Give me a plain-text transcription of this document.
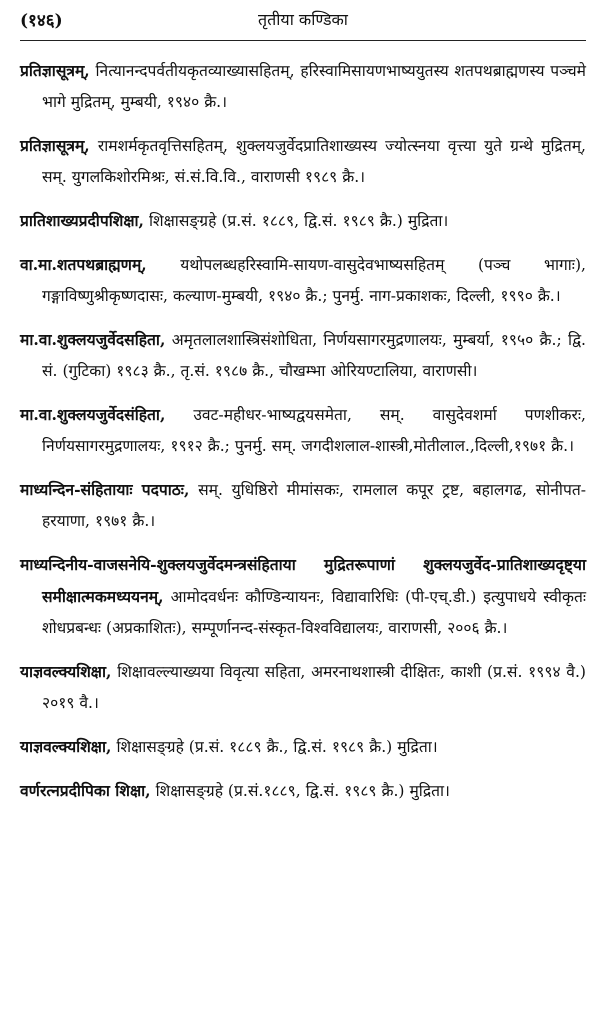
(१४६)	तृतीया कण्डिका

प्रतिज्ञासूत्रम्, नित्यानन्दपर्वतीयकृतव्याख्यासहितम्, हरिस्वामिसायणभाष्ययुतस्य शतपथब्राह्मणस्य पञ्चमे भागे मुद्रितम्, मुम्बयी, १९४० क्रै.।

प्रतिज्ञासूत्रम्, रामशर्मकृतवृत्तिसहितम्, शुक्लयजुर्वेदप्रातिशाख्यस्य ज्योत्स्नया वृत्त्या युते ग्रन्थे मुद्रितम्, सम्. युगलकिशोरमिश्रः, सं.सं.वि.वि., वाराणसी १९८९ क्रै.।

प्रातिशाख्यप्रदीपशिक्षा, शिक्षासङ्ग्रहे (प्र.सं. १८८९, द्वि.सं. १९८९ क्रै.) मुद्रिता।

वा.मा.शतपथब्राह्मणम्, यथोपलब्धहरिस्वामि-सायण-वासुदेवभाष्यसहितम् (पञ्च भागाः), गङ्गाविष्णुश्रीकृष्णदासः, कल्याण-मुम्बयी, १९४० क्रै.; पुनर्मु. नाग-प्रकाशकः, दिल्ली, १९९० क्रै.।

मा.वा.शुक्लयजुर्वेदसहिता, अमृतलालशास्त्रिसंशोधिता, निर्णयसागरमुद्रणालयः, मुम्बर्या, १९५० क्रै.; द्वि. सं. (गुटिका) १९८३ क्रै., तृ.सं. १९८७ क्रै., चौखम्भा ओरियण्टालिया, वाराणसी।

मा.वा.शुक्लयजुर्वेदसंहिता, उवट-महीधर-भाष्यद्वयसमेता, सम्. वासुदेवशर्मा पणशीकरः, निर्णयसागरमुद्रणालयः, १९१२ क्रै.; पुनर्मु. सम्. जगदीशलाल-शास्त्री,मोतीलाल.,दिल्ली,१९७१ क्रै.।

माध्यन्दिन-संहितायाः पदपाठः, सम्. युधिष्ठिरो मीमांसकः, रामलाल कपूर ट्रष्ट, बहालगढ, सोनीपत-हरयाणा, १९७१ क्रै.।

माध्यन्दिनीय-वाजसनेयि-शुक्लयजुर्वेदमन्त्रसंहिताया मुद्रितरूपाणां शुक्लयजुर्वेद-प्रातिशाख्यदृष्ट्या समीक्षात्मकमध्ययनम्, आमोदवर्धनः कौण्डिन्यायनः, विद्यावारिधिः (पी-एच्.डी.) इत्युपाधये स्वीकृतः शोधप्रबन्धः (अप्रकाशितः), सम्पूर्णानन्द-संस्कृत-विश्वविद्यालयः, वाराणसी, २००६ क्रै.।

याज्ञवल्क्यशिक्षा, शिक्षावल्ल्याख्यया विवृत्या सहिता, अमरनाथशास्त्री दीक्षितः, काशी (प्र.सं. १९९४ वै.) २०१९ वै.।

याज्ञवल्क्यशिक्षा, शिक्षासङ्ग्रहे (प्र.सं. १८८९ क्रै., द्वि.सं. १९८९ क्रै.) मुद्रिता।

वर्णरत्नप्रदीपिका शिक्षा, शिक्षासङ्ग्रहे (प्र.सं.१८८९, द्वि.सं. १९८९ क्रै.) मुद्रिता।
